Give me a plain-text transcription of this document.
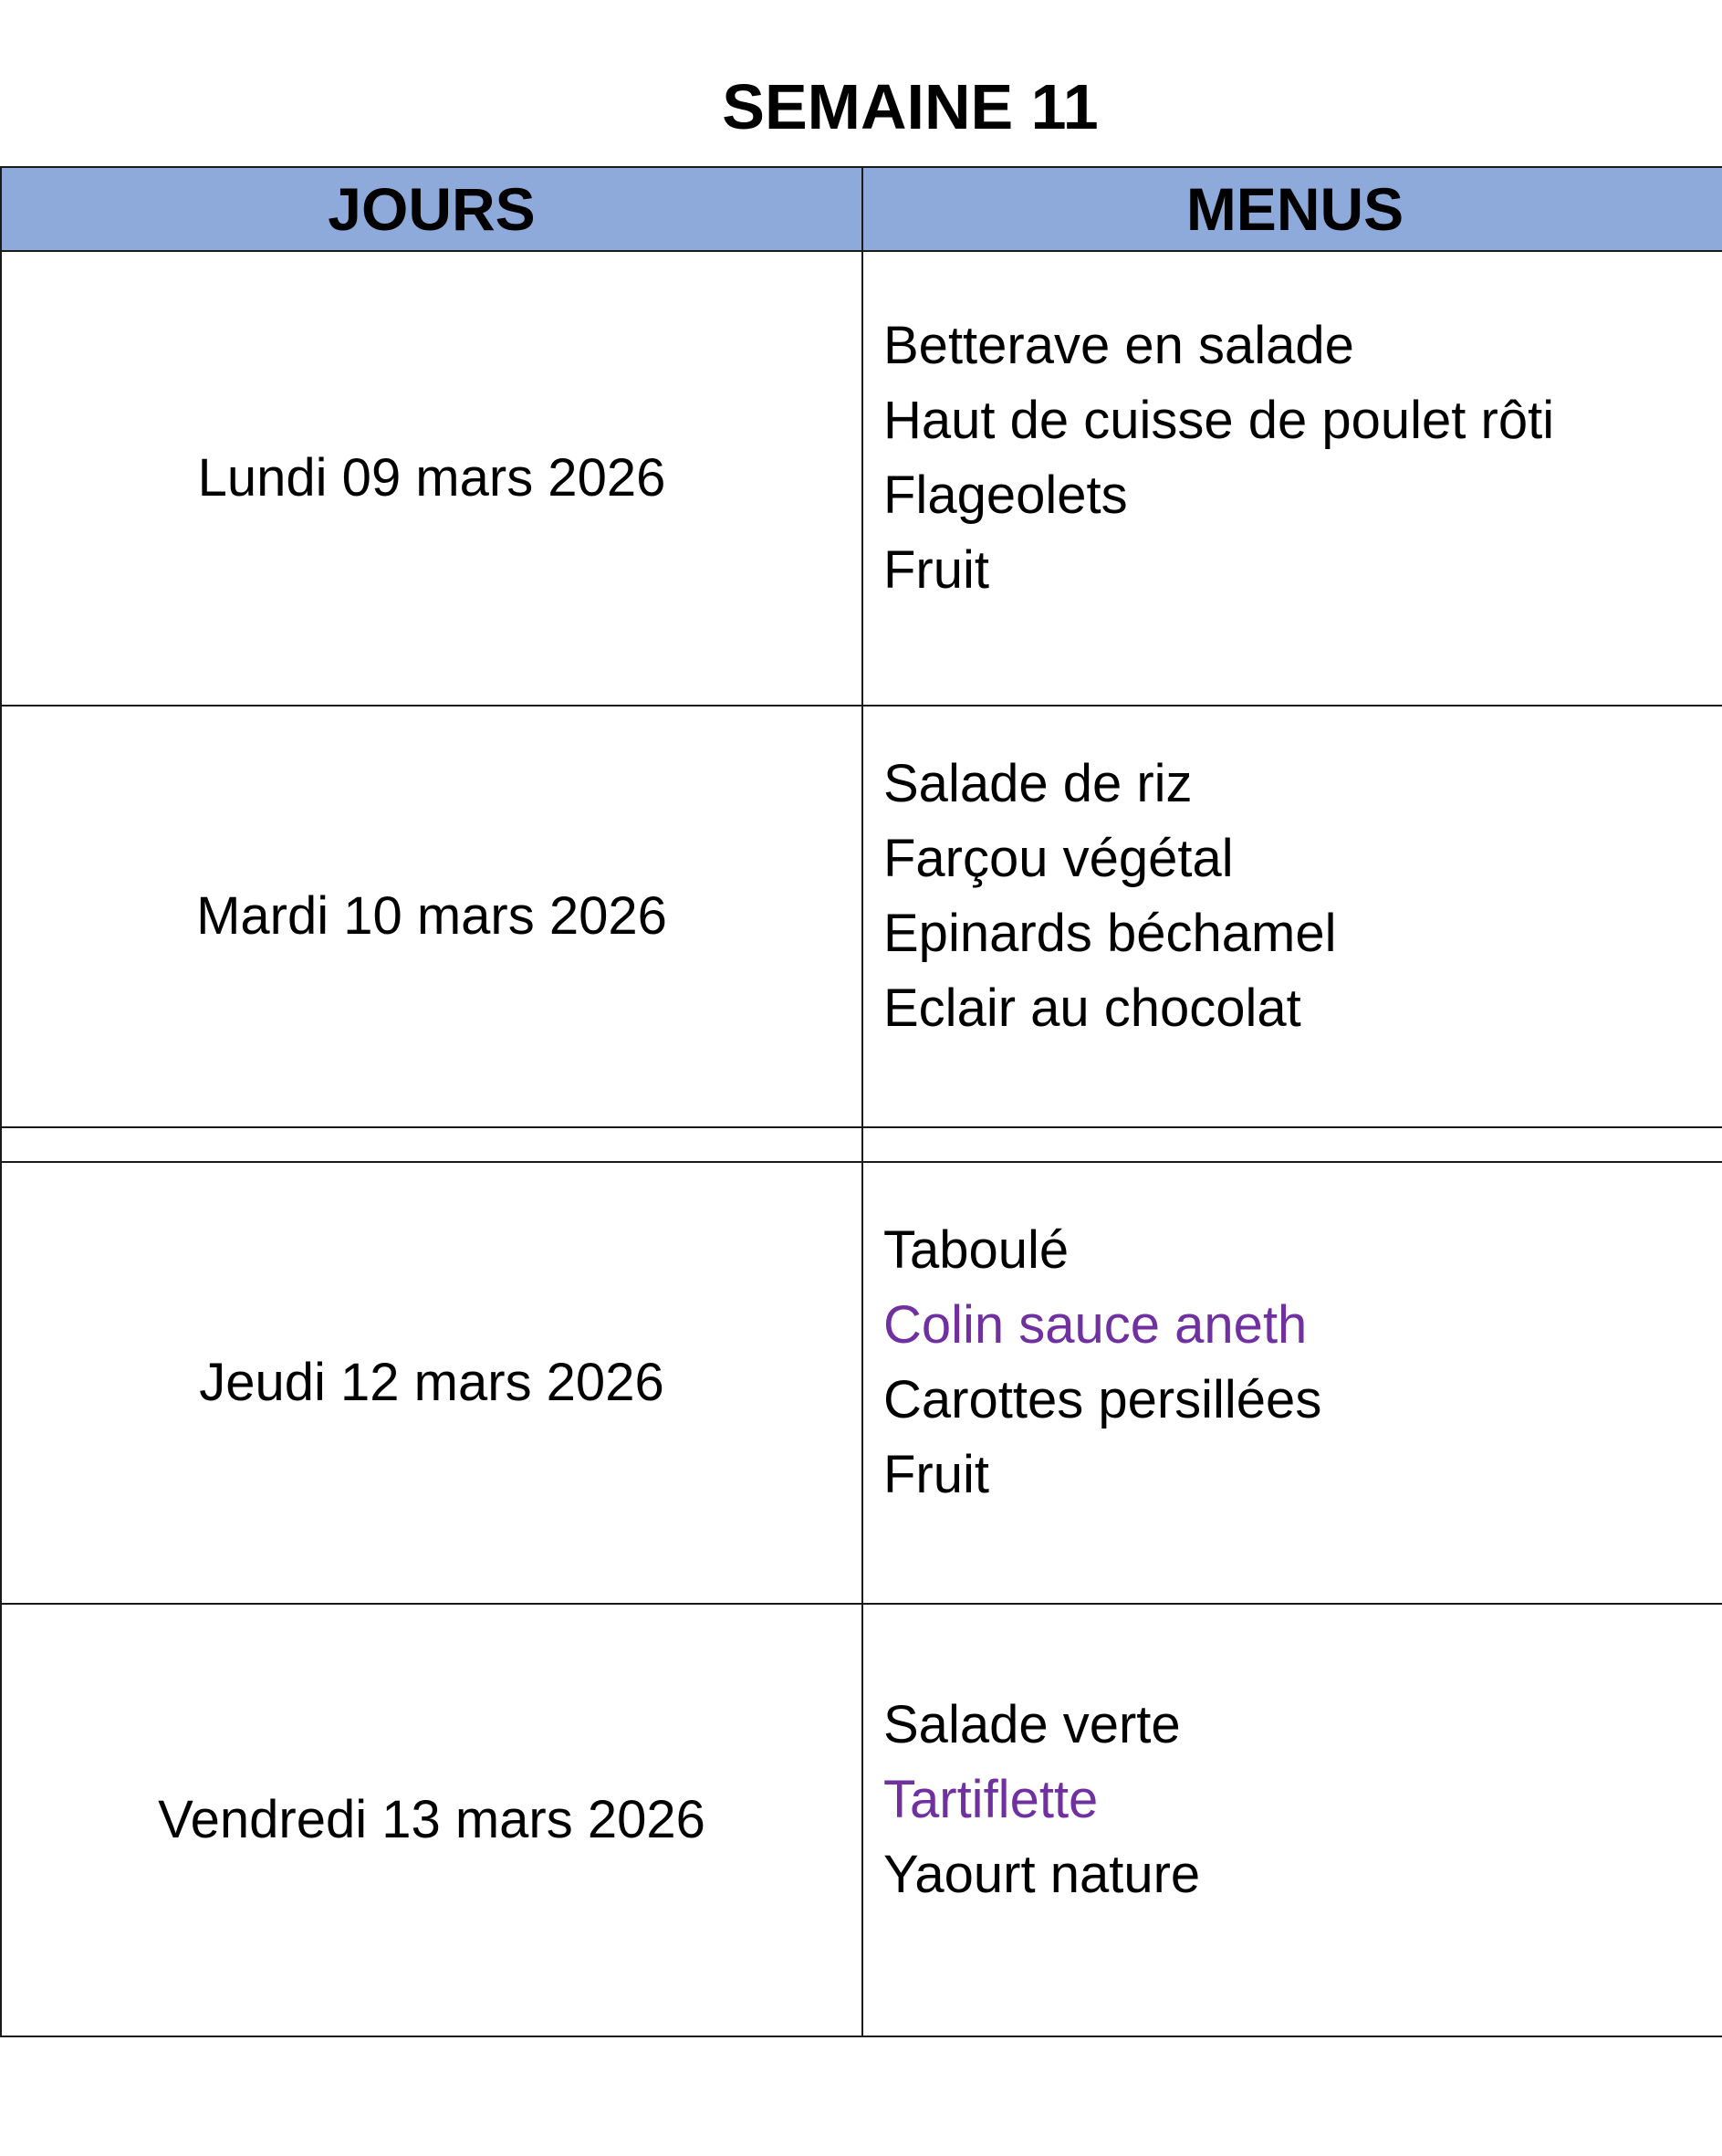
SEMAINE 11
JOURS	MENUS
Lundi 09 mars 2026	Betterave en salade
Haut de cuisse de poulet rôti
Flageolets
Fruit

Mardi 10 mars 2026	Salade de riz
Farçou végétal
Epinards béchamel
Eclair au chocolat

Jeudi 12 mars 2026	Taboulé
Colin sauce aneth
Carottes persillées
Fruit

Vendredi 13 mars 2026	Salade verte
Tartiflette
Yaourt nature
